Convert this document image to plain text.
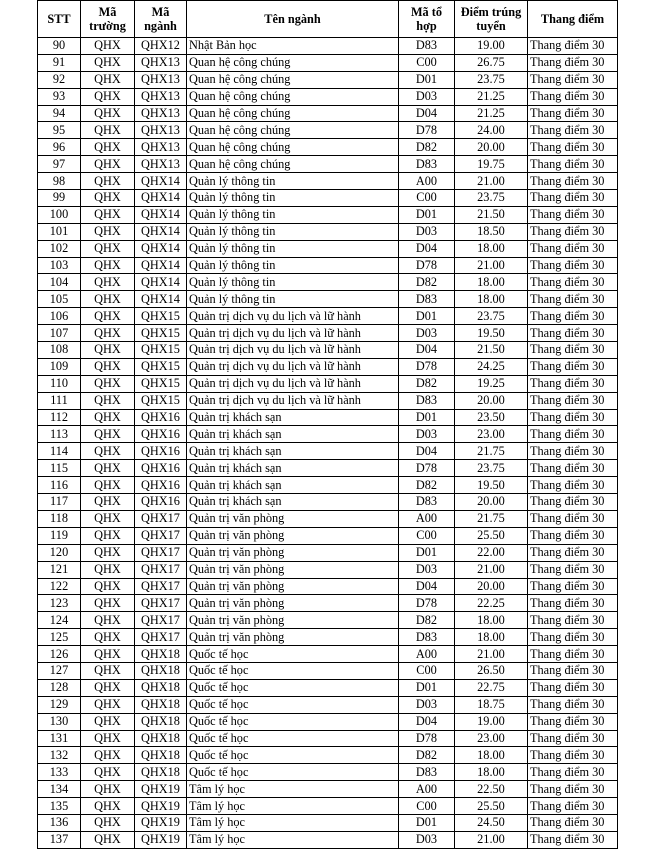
STT	Mã trường	Mã ngành	Tên ngành	Mã tổ hợp	Điểm trúng tuyển	Thang điểm
90	QHX	QHX12	Nhật Bản học	D83	19.00	Thang điểm 30
91	QHX	QHX13	Quan hệ công chúng	C00	26.75	Thang điểm 30
92	QHX	QHX13	Quan hệ công chúng	D01	23.75	Thang điểm 30
93	QHX	QHX13	Quan hệ công chúng	D03	21.25	Thang điểm 30
94	QHX	QHX13	Quan hệ công chúng	D04	21.25	Thang điểm 30
95	QHX	QHX13	Quan hệ công chúng	D78	24.00	Thang điểm 30
96	QHX	QHX13	Quan hệ công chúng	D82	20.00	Thang điểm 30
97	QHX	QHX13	Quan hệ công chúng	D83	19.75	Thang điểm 30
98	QHX	QHX14	Quản lý thông tin	A00	21.00	Thang điểm 30
99	QHX	QHX14	Quản lý thông tin	C00	23.75	Thang điểm 30
100	QHX	QHX14	Quản lý thông tin	D01	21.50	Thang điểm 30
101	QHX	QHX14	Quản lý thông tin	D03	18.50	Thang điểm 30
102	QHX	QHX14	Quản lý thông tin	D04	18.00	Thang điểm 30
103	QHX	QHX14	Quản lý thông tin	D78	21.00	Thang điểm 30
104	QHX	QHX14	Quản lý thông tin	D82	18.00	Thang điểm 30
105	QHX	QHX14	Quản lý thông tin	D83	18.00	Thang điểm 30
106	QHX	QHX15	Quản trị dịch vụ du lịch và lữ hành	D01	23.75	Thang điểm 30
107	QHX	QHX15	Quản trị dịch vụ du lịch và lữ hành	D03	19.50	Thang điểm 30
108	QHX	QHX15	Quản trị dịch vụ du lịch và lữ hành	D04	21.50	Thang điểm 30
109	QHX	QHX15	Quản trị dịch vụ du lịch và lữ hành	D78	24.25	Thang điểm 30
110	QHX	QHX15	Quản trị dịch vụ du lịch và lữ hành	D82	19.25	Thang điểm 30
111	QHX	QHX15	Quản trị dịch vụ du lịch và lữ hành	D83	20.00	Thang điểm 30
112	QHX	QHX16	Quản trị khách sạn	D01	23.50	Thang điểm 30
113	QHX	QHX16	Quản trị khách sạn	D03	23.00	Thang điểm 30
114	QHX	QHX16	Quản trị khách sạn	D04	21.75	Thang điểm 30
115	QHX	QHX16	Quản trị khách sạn	D78	23.75	Thang điểm 30
116	QHX	QHX16	Quản trị khách sạn	D82	19.50	Thang điểm 30
117	QHX	QHX16	Quản trị khách sạn	D83	20.00	Thang điểm 30
118	QHX	QHX17	Quản trị văn phòng	A00	21.75	Thang điểm 30
119	QHX	QHX17	Quản trị văn phòng	C00	25.50	Thang điểm 30
120	QHX	QHX17	Quản trị văn phòng	D01	22.00	Thang điểm 30
121	QHX	QHX17	Quản trị văn phòng	D03	21.00	Thang điểm 30
122	QHX	QHX17	Quản trị văn phòng	D04	20.00	Thang điểm 30
123	QHX	QHX17	Quản trị văn phòng	D78	22.25	Thang điểm 30
124	QHX	QHX17	Quản trị văn phòng	D82	18.00	Thang điểm 30
125	QHX	QHX17	Quản trị văn phòng	D83	18.00	Thang điểm 30
126	QHX	QHX18	Quốc tế học	A00	21.00	Thang điểm 30
127	QHX	QHX18	Quốc tế học	C00	26.50	Thang điểm 30
128	QHX	QHX18	Quốc tế học	D01	22.75	Thang điểm 30
129	QHX	QHX18	Quốc tế học	D03	18.75	Thang điểm 30
130	QHX	QHX18	Quốc tế học	D04	19.00	Thang điểm 30
131	QHX	QHX18	Quốc tế học	D78	23.00	Thang điểm 30
132	QHX	QHX18	Quốc tế học	D82	18.00	Thang điểm 30
133	QHX	QHX18	Quốc tế học	D83	18.00	Thang điểm 30
134	QHX	QHX19	Tâm lý học	A00	22.50	Thang điểm 30
135	QHX	QHX19	Tâm lý học	C00	25.50	Thang điểm 30
136	QHX	QHX19	Tâm lý học	D01	24.50	Thang điểm 30
137	QHX	QHX19	Tâm lý học	D03	21.00	Thang điểm 30
